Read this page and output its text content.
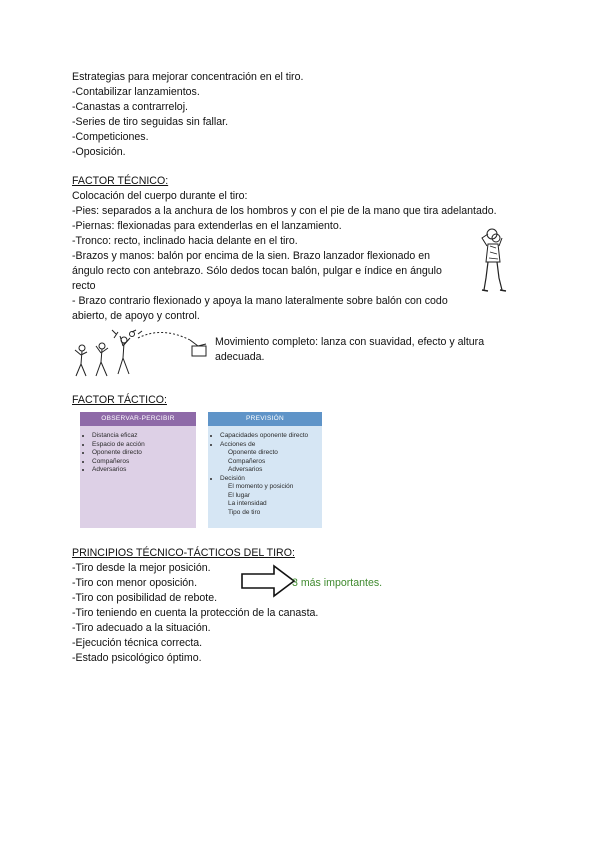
Estrategias para mejorar concentración en el tiro.
-Contabilizar lanzamientos.
-Canastas a contrarreloj.
-Series de tiro seguidas sin fallar.
-Competiciones.
-Oposición.
FACTOR TÉCNICO:
Colocación del cuerpo durante el tiro:
-Pies: separados a la anchura de los hombros y con el pie de la mano que tira adelantado.
-Piernas: flexionadas para extenderlas en el lanzamiento.
-Tronco: recto, inclinado hacia delante en el tiro.
-Brazos y manos: balón por encima de la sien. Brazo lanzador flexionado en
ángulo recto con antebrazo. Sólo dedos tocan balón, pulgar e índice en ángulo
recto
- Brazo contrario flexionado y apoya la mano lateralmente sobre balón con codo
abierto, de apoyo y control.
Movimiento completo: lanza con suavidad, efecto y altura
adecuada.
FACTOR TÁCTICO:
OBSERVAR-PERCIBIR
• Distancia eficaz
• Espacio de acción
• Oponente directo
• Compañeros
• Adversarios
PREVISIÓN
• Capacidades oponente directo
• Acciones de
Oponente directo
Compañeros
Adversarios
• Decisión
El momento y posición
El lugar
La intensidad
Tipo de tiro
PRINCIPIOS TÉCNICO-TÁCTICOS DEL TIRO:
-Tiro desde la mejor posición.
-Tiro con menor oposición.
-Tiro con posibilidad de rebote.
-Tiro teniendo en cuenta la protección de la canasta.
-Tiro adecuado a la situación.
-Ejecución técnica correcta.
-Estado psicológico óptimo.
3 más importantes.
